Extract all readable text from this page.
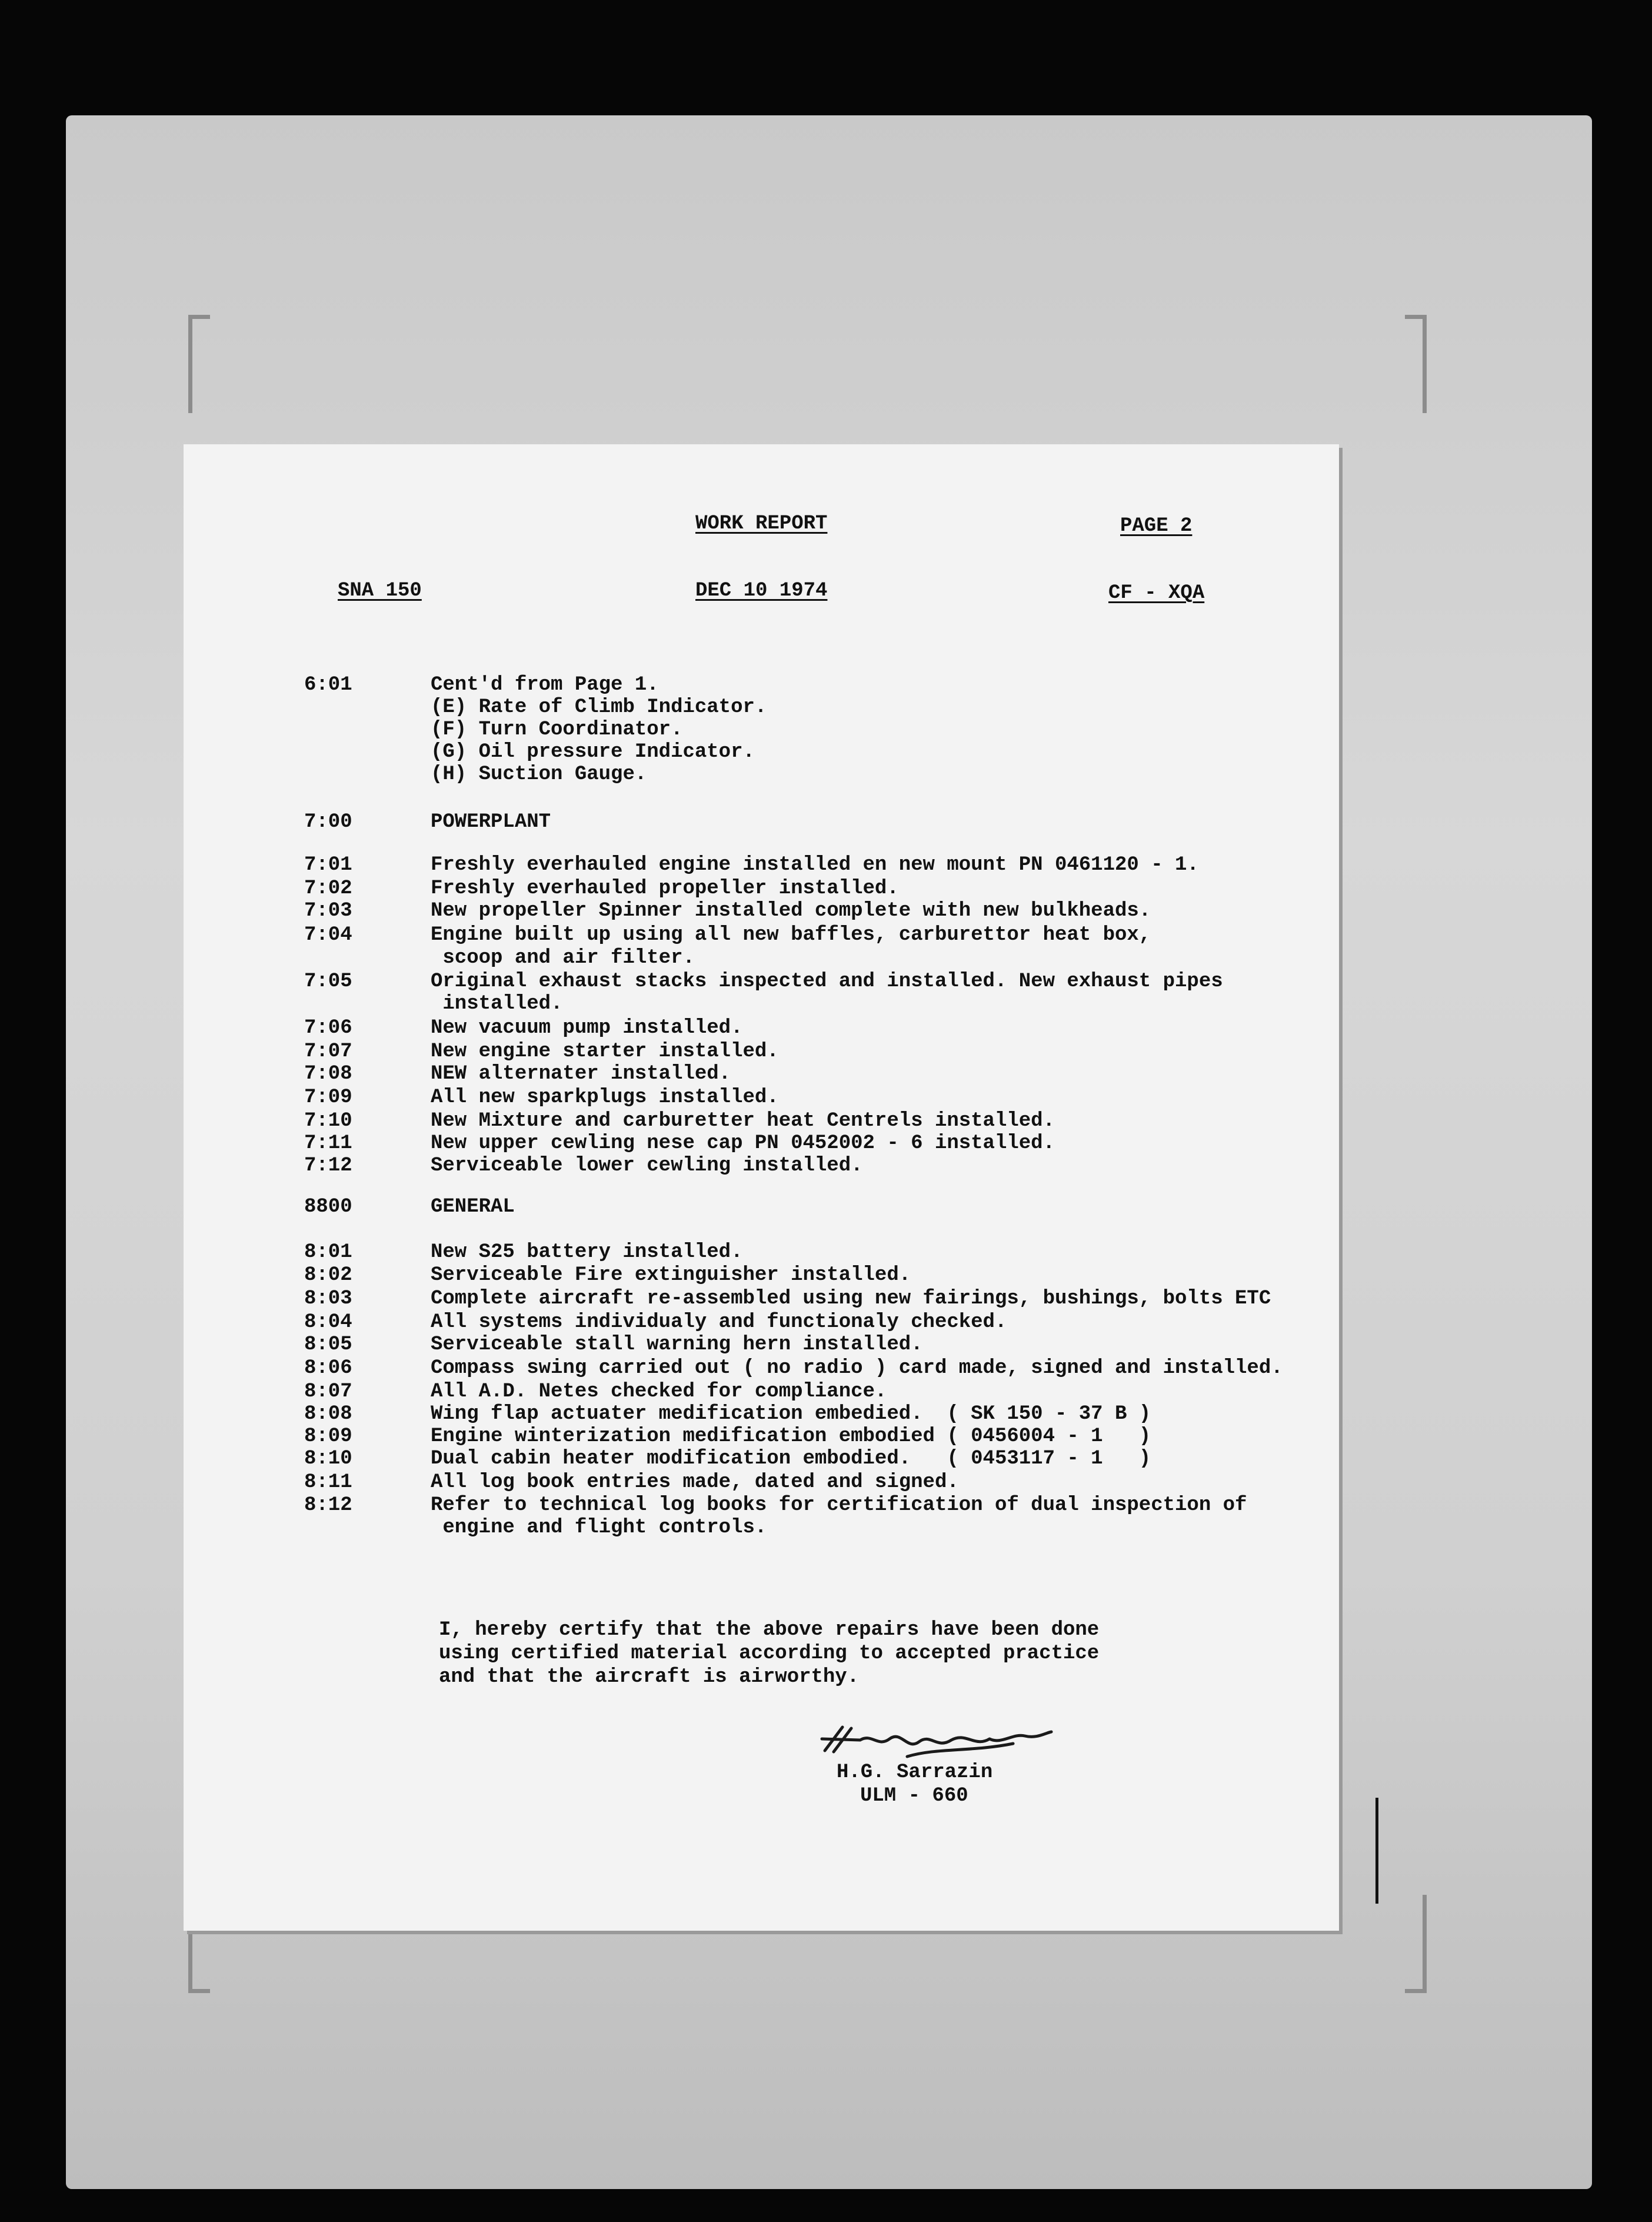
WORK REPORT	PAGE 2
SNA 150	DEC 10 1974	CF - XQA
6:01	Cent'd from Page 1.
(E) Rate of Climb Indicator.
(F) Turn Coordinator.
(G) Oil pressure Indicator.
(H) Suction Gauge.
7:00	POWERPLANT
7:01	Freshly everhauled engine installed en new mount PN 0461120 - 1.
7:02	Freshly everhauled propeller installed.
7:03	New propeller Spinner installed complete with new bulkheads.
7:04	Engine built up using all new baffles, carburettor heat box,
scoop and air filter.
7:05	Original exhaust stacks inspected and installed. New exhaust pipes
installed.
7:06	New vacuum pump installed.
7:07	New engine starter installed.
7:08	NEW alternater installed.
7:09	All new sparkplugs installed.
7:10	New Mixture and carburetter heat Centrels installed.
7:11	New upper cewling nese cap PN 0452002 - 6 installed.
7:12	Serviceable lower cewling installed.
8800	GENERAL
8:01	New S25 battery installed.
8:02	Serviceable Fire extinguisher installed.
8:03	Complete aircraft re-assembled using new fairings, bushings, bolts ETC
8:04	All systems individualy and functionaly checked.
8:05	Serviceable stall warning hern installed.
8:06	Compass swing carried out ( no radio ) card made, signed and installed.
8:07	All A.D. Netes checked for compliance.
8:08	Wing flap actuater medification embedied.  ( SK 150 - 37 B )
8:09	Engine winterization medification embodied ( 0456004 - 1   )
8:10	Dual cabin heater modification embodied.   ( 0453117 - 1   )
8:11	All log book entries made, dated and signed.
8:12	Refer to technical log books for certification of dual inspection of
engine and flight controls.
I, hereby certify that the above repairs have been done
using certified material according to accepted practice
and that the aircraft is airworthy.
H.G. Sarrazin
ULM - 660
